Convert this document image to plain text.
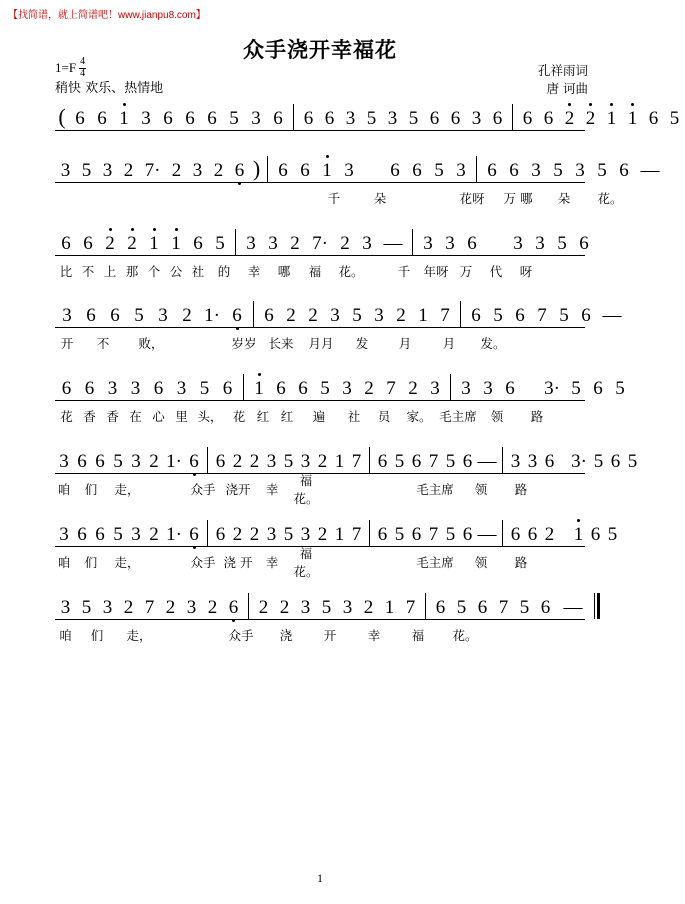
【找简谱，就上简谱吧！www.jianpu8.com】
众手浇开幸福花
$1=F \frac{4}{4}$
稍快 欢乐、热情地
孔祥雨词
唐 诃曲
( 6 6 1 3 6 6 6 5 3 6	6 6 3 5 3 5 6 6 3 6	6 6 2 2 1 1 6 5
3 5 3 2 7· 2 3 2 6 ) 6 6 1 3
	6 6 5 3	6 6 3 5 3 5 6 —
千	朵	花呀	万 哪	朵	花。
6 6 2 2 1 1 6 5	3 3 2 7· 2 3 —	3 3 6
	3 3 5 6
比 不 上 那 个 公 社	的	幸	哪	福	花。	千	年呀 万	代	呀
3 6 6 5 3 2 1· 6	6 2 2 3 5 3 2 1 7	6 5 6 7 5 6 —
开	不	败，	岁岁 长来	月月	发	月	月	发。
6 6 3 3 6 3 5 6	1 6 6 5 3 2 7 2 3	3 3 6
	3· 5 6 5
花 香 香 在 心 里 头， 花 红 红	遍	社	员	家。 毛主席	领	路
3 6 6 5 3 2 1· 6 6 2 2 3 5 3 2 1 7 6 5 6 7 5 6 — 3 3 6
3· 5 6 5
咱	们	走，	众手 浇开	幸
福花。
毛主席	领	路
3 6 6 5 3 2 1· 6 6 2 2 3 5 3 2 1 7 6 5 6 7 5 6 — 6 6 2
1 6 5
咱	们	走，	众手 浇 开	幸
福花。
毛主席	领	路
3 5 3 2 7 2 3 2 6	2 2 3 5 3 2 1 7	6 5 6 7 5 6 —
咱	们	走，	众手	浇	开	幸	福	花。
1
